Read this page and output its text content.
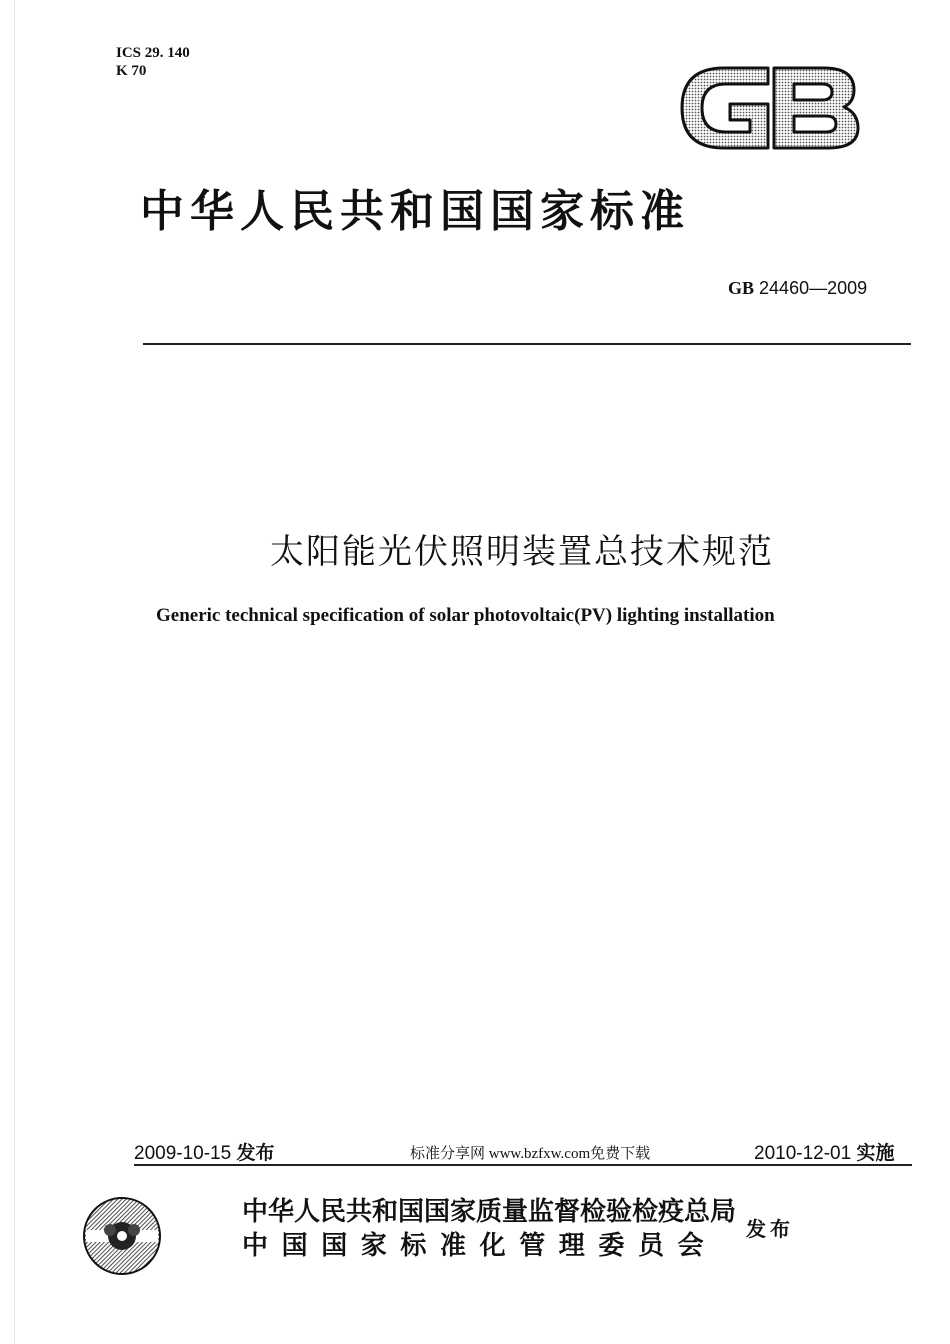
ICS 29. 140
K 70
中华人民共和国国家标准
GB 24460—2009
太阳能光伏照明装置总技术规范
Generic technical specification of solar photovoltaic(PV) lighting installation
2009-10-15 发布	标准分享网 www.bzfxw.com免费下载	2010-12-01 实施
中华人民共和国国家质量监督检验检疫总局
中国国家标准化管理委员会
发布
